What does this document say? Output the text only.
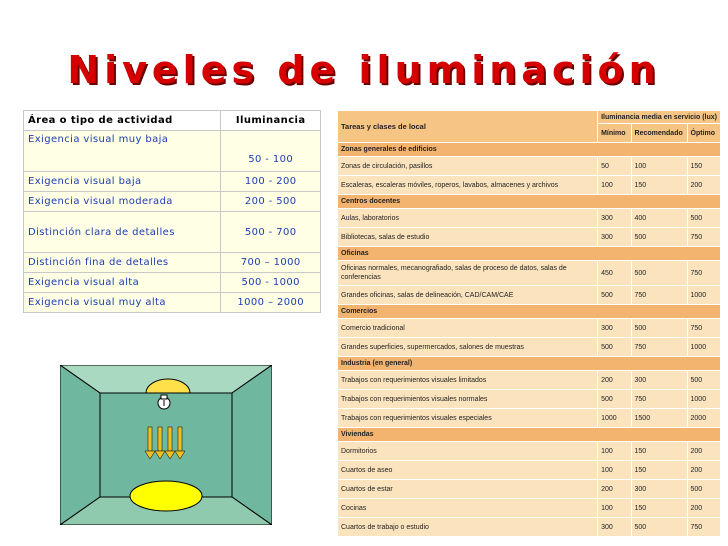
Niveles de iluminación
Área o tipo de actividad	Iluminancia
Exigencia visual muy baja	50 - 100
Exigencia visual baja	100 - 200
Exigencia visual moderada	200 - 500
Distinción clara de detalles	500 - 700
Distinción fina de detalles	700 – 1000
Exigencia visual alta	500 - 1000
Exigencia visual muy alta	1000 – 2000
Tareas y clases de local	Iluminancia media en servicio (lux)		
	Mínimo	Recomendado	Óptimo
Zonas generales de edificios			
Zonas de circulación, pasillos	50	100	150
Escaleras, escaleras móviles, roperos, lavabos, almacenes y archivos	100	150	200
Centros docentes			
Aulas, laboratorios	300	400	500
Bibliotecas, salas de estudio	300	500	750
Oficinas			
Oficinas normales, mecanografiado, salas de proceso de datos, salas de conferencias	450	500	750
Grandes oficinas, salas de delineación, CAD/CAM/CAE	500	750	1000
Comercios			
Comercio tradicional	300	500	750
Grandes superficies, supermercados, salones de muestras	500	750	1000
Industria (en general)			
Trabajos con requerimientos visuales limitados	200	300	500
Trabajos con requerimientos visuales normales	500	750	1000
Trabajos con requerimientos visuales especiales	1000	1500	2000
Viviendas			
Dormitorios	100	150	200
Cuartos de aseo	100	150	200
Cuartos de estar	200	300	500
Cocinas	100	150	200
Cuartos de trabajo o estudio	300	500	750
